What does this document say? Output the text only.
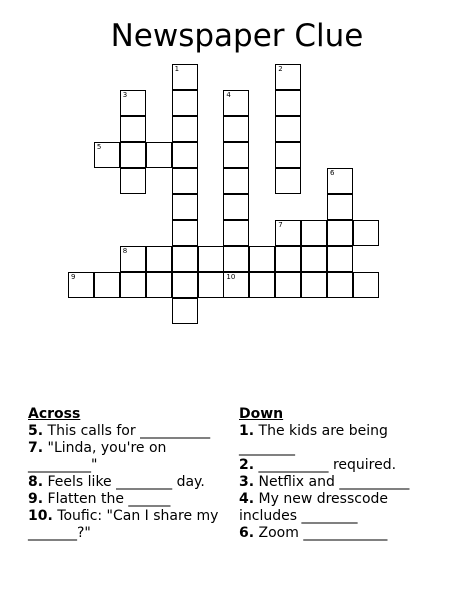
Newspaper Clue
1	2
3	4
5
6
7
8
9	10
Across
5. This calls for __________
7. "Linda, you're on _________"
8. Feels like ________ day.
9. Flatten the ______
10. Toufic: "Can I share my _______?"
Down
1. The kids are being ________
2. __________ required.
3. Netflix and __________
4. My new dresscode includes ________
6. Zoom ____________
